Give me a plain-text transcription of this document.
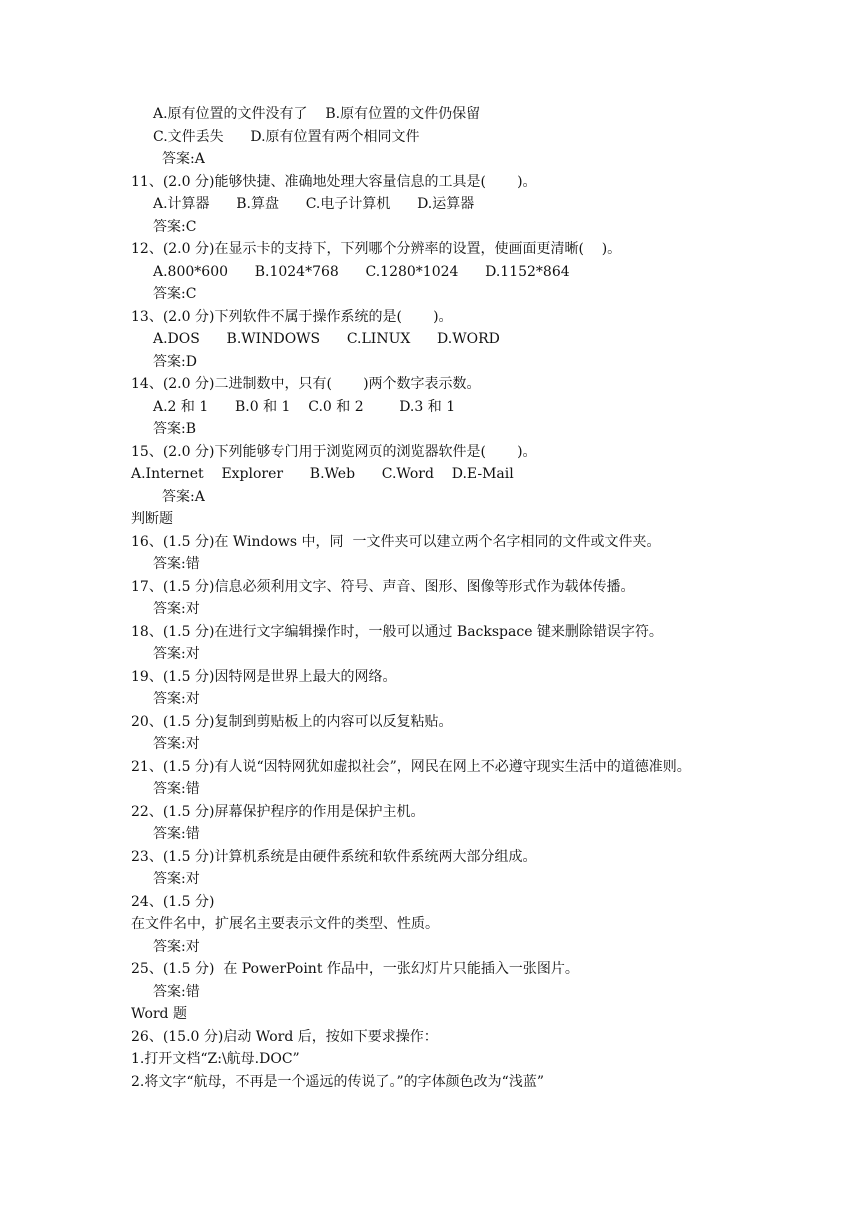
A.原有位置的文件没有了    B.原有位置的文件仍保留
C.文件丢失      D.原有位置有两个相同文件
答案:A
11、(2.0 分)能够快捷、准确地处理大容量信息的工具是(       )。
A.计算器      B.算盘      C.电子计算机      D.运算器
答案:C
12、(2.0 分)在显示卡的支持下，下列哪个分辨率的设置，使画面更清晰(    )。
A.800*600      B.1024*768      C.1280*1024      D.1152*864
答案:C
13、(2.0 分)下列软件不属于操作系统的是(       )。
A.DOS      B.WINDOWS      C.LINUX      D.WORD
答案:D
14、(2.0 分)二进制数中，只有(       )两个数字表示数。
A.2 和 1      B.0 和 1    C.0 和 2        D.3 和 1
答案:B
15、(2.0 分)下列能够专门用于浏览网页的浏览器软件是(       )。
A.Internet    Explorer      B.Web      C.Word    D.E-Mail
答案:A
判断题
16、(1.5 分)在 Windows 中，同  一文件夹可以建立两个名字相同的文件或文件夹。
答案:错
17、(1.5 分)信息必须利用文字、符号、声音、图形、图像等形式作为载体传播。
答案:对
18、(1.5 分)在进行文字编辑操作时，一般可以通过 Backspace 键来删除错误字符。
答案:对
19、(1.5 分)因特网是世界上最大的网络。
答案:对
20、(1.5 分)复制到剪贴板上的内容可以反复粘贴。
答案:对
21、(1.5 分)有人说“因特网犹如虚拟社会”，网民在网上不必遵守现实生活中的道德准则。
答案:错
22、(1.5 分)屏幕保护程序的作用是保护主机。
答案:错
23、(1.5 分)计算机系统是由硬件系统和软件系统两大部分组成。
答案:对
24、(1.5 分)
在文件名中，扩展名主要表示文件的类型、性质。
答案:对
25、(1.5 分)  在 PowerPoint 作品中，一张幻灯片只能插入一张图片。
答案:错
Word 题
26、(15.0 分)启动 Word 后，按如下要求操作：
1.打开文档“Z:\航母.DOC”
2.将文字“航母，不再是一个遥远的传说了。”的字体颜色改为“浅蓝”
